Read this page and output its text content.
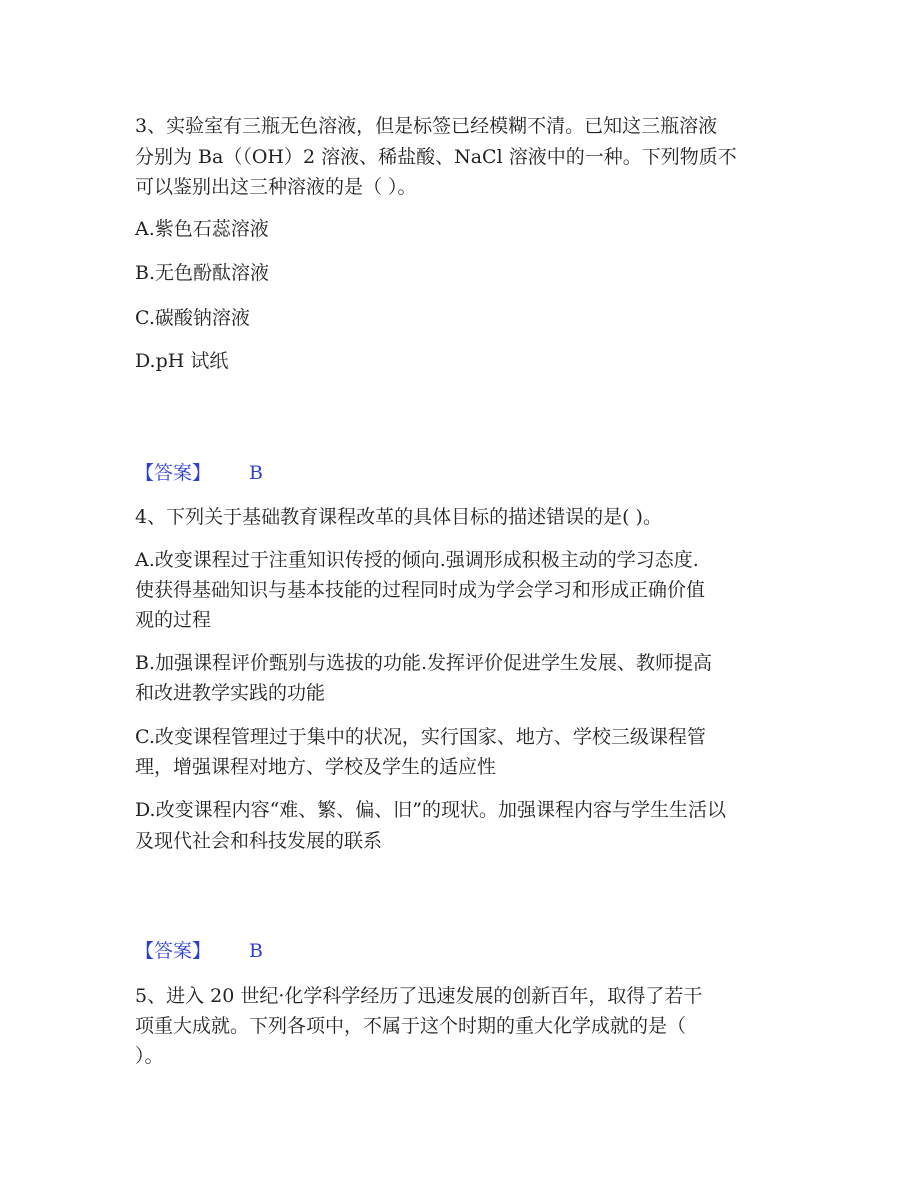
3、实验室有三瓶无色溶液，但是标签已经模糊不清。已知这三瓶溶液
分别为 Ba（（OH）2 溶液、稀盐酸、NaCl 溶液中的一种。下列物质不
可以鉴别出这三种溶液的是（ ）。
A.紫色石蕊溶液
B.无色酚酞溶液
C.碳酸钠溶液
D.pH 试纸
【答案】 B
4、下列关于基础教育课程改革的具体目标的描述错误的是( )。
A.改变课程过于注重知识传授的倾向.强调形成积极主动的学习态度.
使获得基础知识与基本技能的过程同时成为学会学习和形成正确价值
观的过程
B.加强课程评价甄别与选拔的功能.发挥评价促进学生发展、教师提高
和改进教学实践的功能
C.改变课程管理过于集中的状况，实行国家、地方、学校三级课程管
理，增强课程对地方、学校及学生的适应性
D.改变课程内容“难、繁、偏、旧”的现状。加强课程内容与学生生活以
及现代社会和科技发展的联系
【答案】 B
5、进入 20 世纪·化学科学经历了迅速发展的创新百年，取得了若干
项重大成就。下列各项中，不属于这个时期的重大化学成就的是（
）。
